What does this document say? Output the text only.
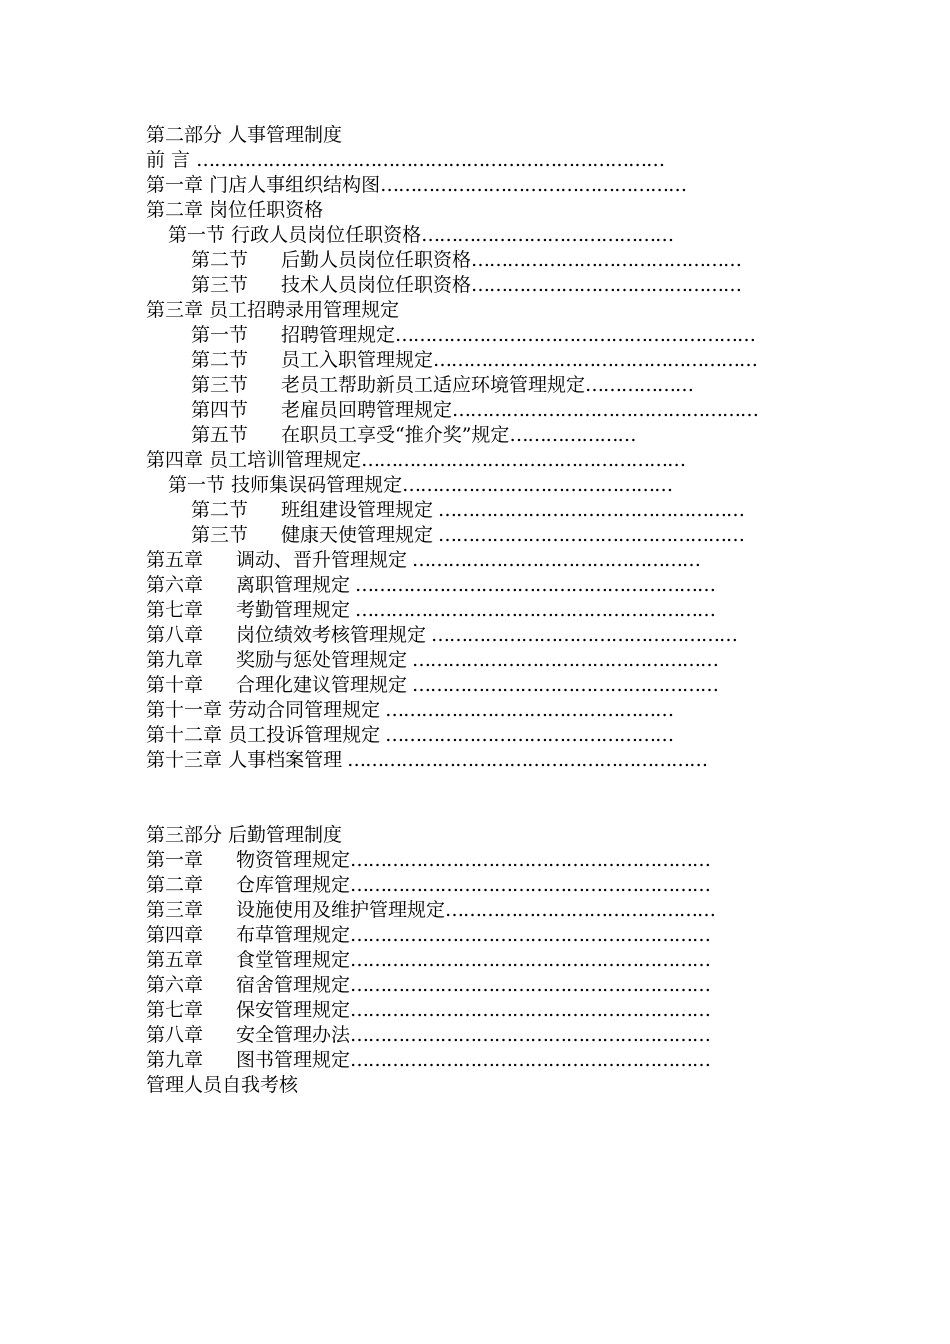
第二部分 人事管理制度
前 言 ……………………………………………………………………
第一章 门店人事组织结构图……………………………………………
第二章 岗位任职资格
第一节 行政人员岗位任职资格……………………………………
第二节 后勤人员岗位任职资格………………………………………
第三节 技术人员岗位任职资格………………………………………
第三章 员工招聘录用管理规定
第一节 招聘管理规定……………………………………………………
第二节 员工入职管理规定………………………………………………
第三节 老员工帮助新员工适应环境管理规定………………
第四节 老雇员回聘管理规定……………………………………………
第五节 在职员工享受“推介奖”规定…………………
第四章 员工培训管理规定………………………………………………
第一节 技师集误码管理规定………………………………………
第二节 班组建设管理规定 ……………………………………………
第三节 健康天使管理规定 ……………………………………………
第五章 调动、晋升管理规定 …………………………………………
第六章 离职管理规定 ……………………………………………………
第七章 考勤管理规定 ……………………………………………………
第八章 岗位绩效考核管理规定 ……………………………………………
第九章 奖励与惩处管理规定 ……………………………………………
第十章 合理化建议管理规定 ……………………………………………
第十一章 劳动合同管理规定 …………………………………………
第十二章 员工投诉管理规定 …………………………………………
第十三章 人事档案管理 ……………………………………………………
第三部分 后勤管理制度
第一章 物资管理规定……………………………………………………
第二章 仓库管理规定……………………………………………………
第三章 设施使用及维护管理规定………………………………………
第四章 布草管理规定……………………………………………………
第五章 食堂管理规定……………………………………………………
第六章 宿舍管理规定……………………………………………………
第七章 保安管理规定……………………………………………………
第八章 安全管理办法……………………………………………………
第九章 图书管理规定……………………………………………………
管理人员自我考核
